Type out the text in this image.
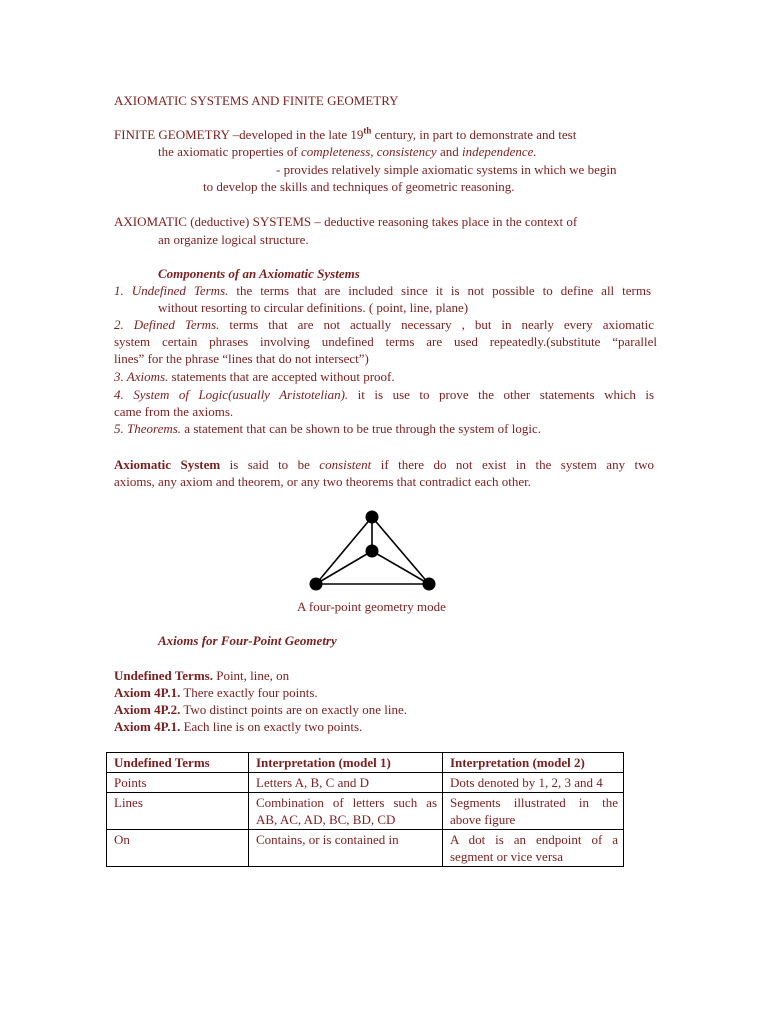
AXIOMATIC SYSTEMS AND FINITE GEOMETRY
FINITE GEOMETRY –developed in the late 19th century, in part to demonstrate and test
the axiomatic properties of completeness, consistency and independence.
- provides relatively simple axiomatic systems in which we begin
to develop the skills and techniques of geometric reasoning.
AXIOMATIC (deductive) SYSTEMS – deductive reasoning takes place in the context of
an organize logical structure.
Components of an Axiomatic Systems
1. Undefined Terms. the terms that are included since it is not possible to define all terms
without resorting to circular definitions. ( point, line, plane)
2. Defined Terms. terms that are not actually necessary , but in nearly every axiomatic
system certain phrases involving undefined terms are used repeatedly.(substitute “parallel
lines” for the phrase “lines that do not intersect”)
3. Axioms. statements that are accepted without proof.
4. System of Logic(usually Aristotelian). it is use to prove the other statements which is
came from the axioms.
5. Theorems. a statement that can be shown to be true through the system of logic.
Axiomatic System is said to be consistent if there do not exist in the system any two
axioms, any axiom and theorem, or any two theorems that contradict each other.
A four-point geometry mode
Axioms for Four-Point Geometry
Undefined Terms. Point, line, on
Axiom 4P.1. There exactly four points.
Axiom 4P.2. Two distinct points are on exactly one line.
Axiom 4P.1. Each line is on exactly two points.
Undefined Terms	Interpretation (model 1)	Interpretation (model 2)
Points	Letters A, B, C and D	Dots denoted by 1, 2, 3 and 4
Lines	Combination of letters such as AB, AC, AD, BC, BD, CD	Segments illustrated in the above figure
On	Contains, or is contained in	A dot is an endpoint of a segment or vice versa
